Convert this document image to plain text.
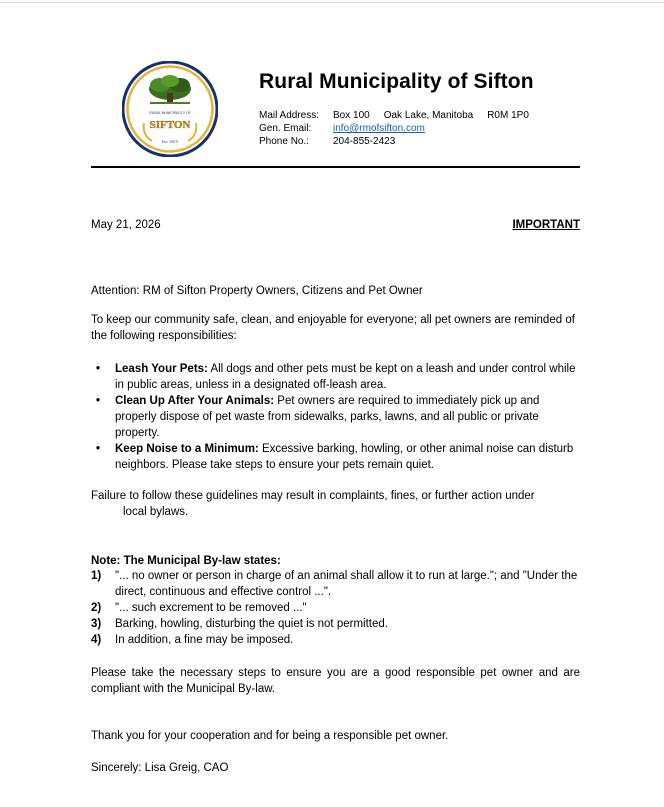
RURAL MUNICIPALITY OF
SIFTON
Inc. 2015
Rural Municipality of Sifton
Mail Address:	Box 100 Oak Lake, Manitoba R0M 1P0
Gen. Email:	info@rmofsifton.com
Phone No.:	204-855-2423
May 21, 2026	IMPORTANT
Attention: RM of Sifton Property Owners, Citizens and Pet Owner
To keep our community safe, clean, and enjoyable for everyone; all pet owners are reminded of the following responsibilities:
• Leash Your Pets: All dogs and other pets must be kept on a leash and under control while in public areas, unless in a designated off-leash area.
• Clean Up After Your Animals: Pet owners are required to immediately pick up and properly dispose of pet waste from sidewalks, parks, lawns, and all public or private property.
• Keep Noise to a Minimum: Excessive barking, howling, or other animal noise can disturb neighbors. Please take steps to ensure your pets remain quiet.
Failure to follow these guidelines may result in complaints, fines, or further action under
local bylaws.
Note: The Municipal By-law states:
1) "... no owner or person in charge of an animal shall allow it to run at large."; and "Under the direct, continuous and effective control ...".
2) "... such excrement to be removed ..."
3) Barking, howling, disturbing the quiet is not permitted.
4) In addition, a fine may be imposed.
Please take the necessary steps to ensure you are a good responsible pet owner and are compliant with the Municipal By-law.
Thank you for your cooperation and for being a responsible pet owner.
Sincerely: Lisa Greig, CAO
